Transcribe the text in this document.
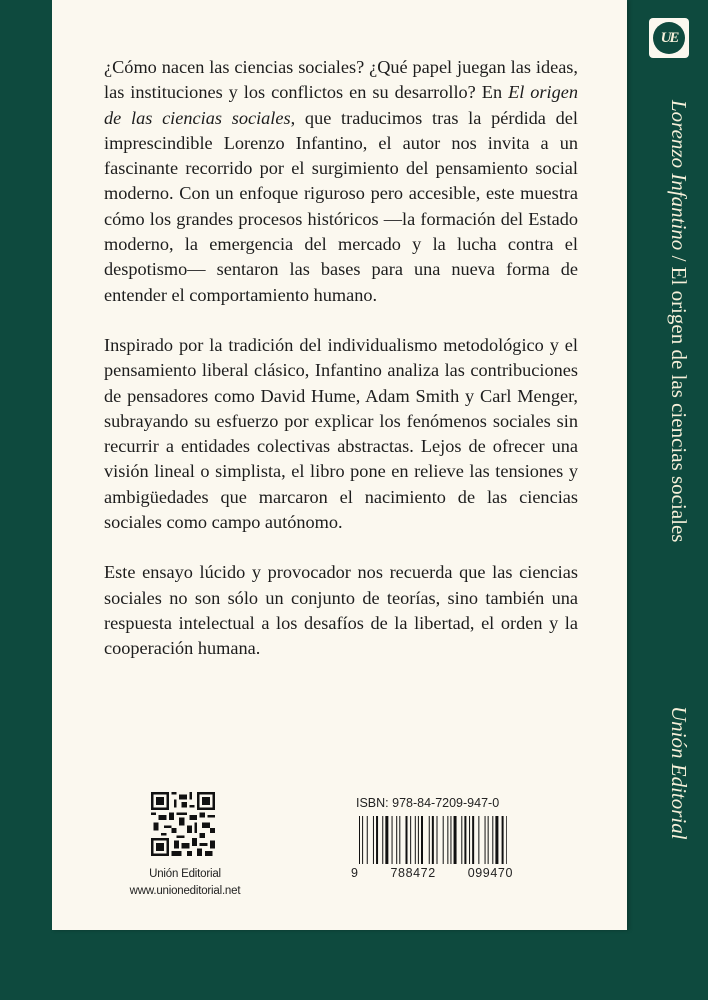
¿Cómo nacen las ciencias sociales? ¿Qué papel juegan las ideas, las instituciones y los conflictos en su desarrollo? En El origen de las ciencias sociales, que traducimos tras la pérdida del imprescindible Lorenzo Infantino, el autor nos invita a un fascinante recorrido por el surgimiento del pensamiento social moderno. Con un enfoque riguroso pero accesible, este muestra cómo los grandes procesos históricos —la formación del Estado moderno, la emergencia del mercado y la lucha contra el despotismo— sentaron las bases para una nueva forma de entender el comportamiento humano.

Inspirado por la tradición del individualismo metodológico y el pensamiento liberal clásico, Infantino analiza las contribuciones de pensadores como David Hume, Adam Smith y Carl Menger, subrayando su esfuerzo por explicar los fenómenos sociales sin recurrir a entidades colectivas abstractas. Lejos de ofrecer una visión lineal o simplista, el libro pone en relieve las tensiones y ambigüedades que marcaron el nacimiento de las ciencias sociales como campo autónomo.

Este ensayo lúcido y provocador nos recuerda que las ciencias sociales no son sólo un conjunto de teorías, sino también una respuesta intelectual a los desafíos de la libertad, el orden y la cooperación humana.

Unión Editorial
www.unioneditorial.net
ISBN: 978-84-7209-947-0
9	788472	099470
UE
Lorenzo Infantino / El origen de las ciencias sociales
Unión Editorial
